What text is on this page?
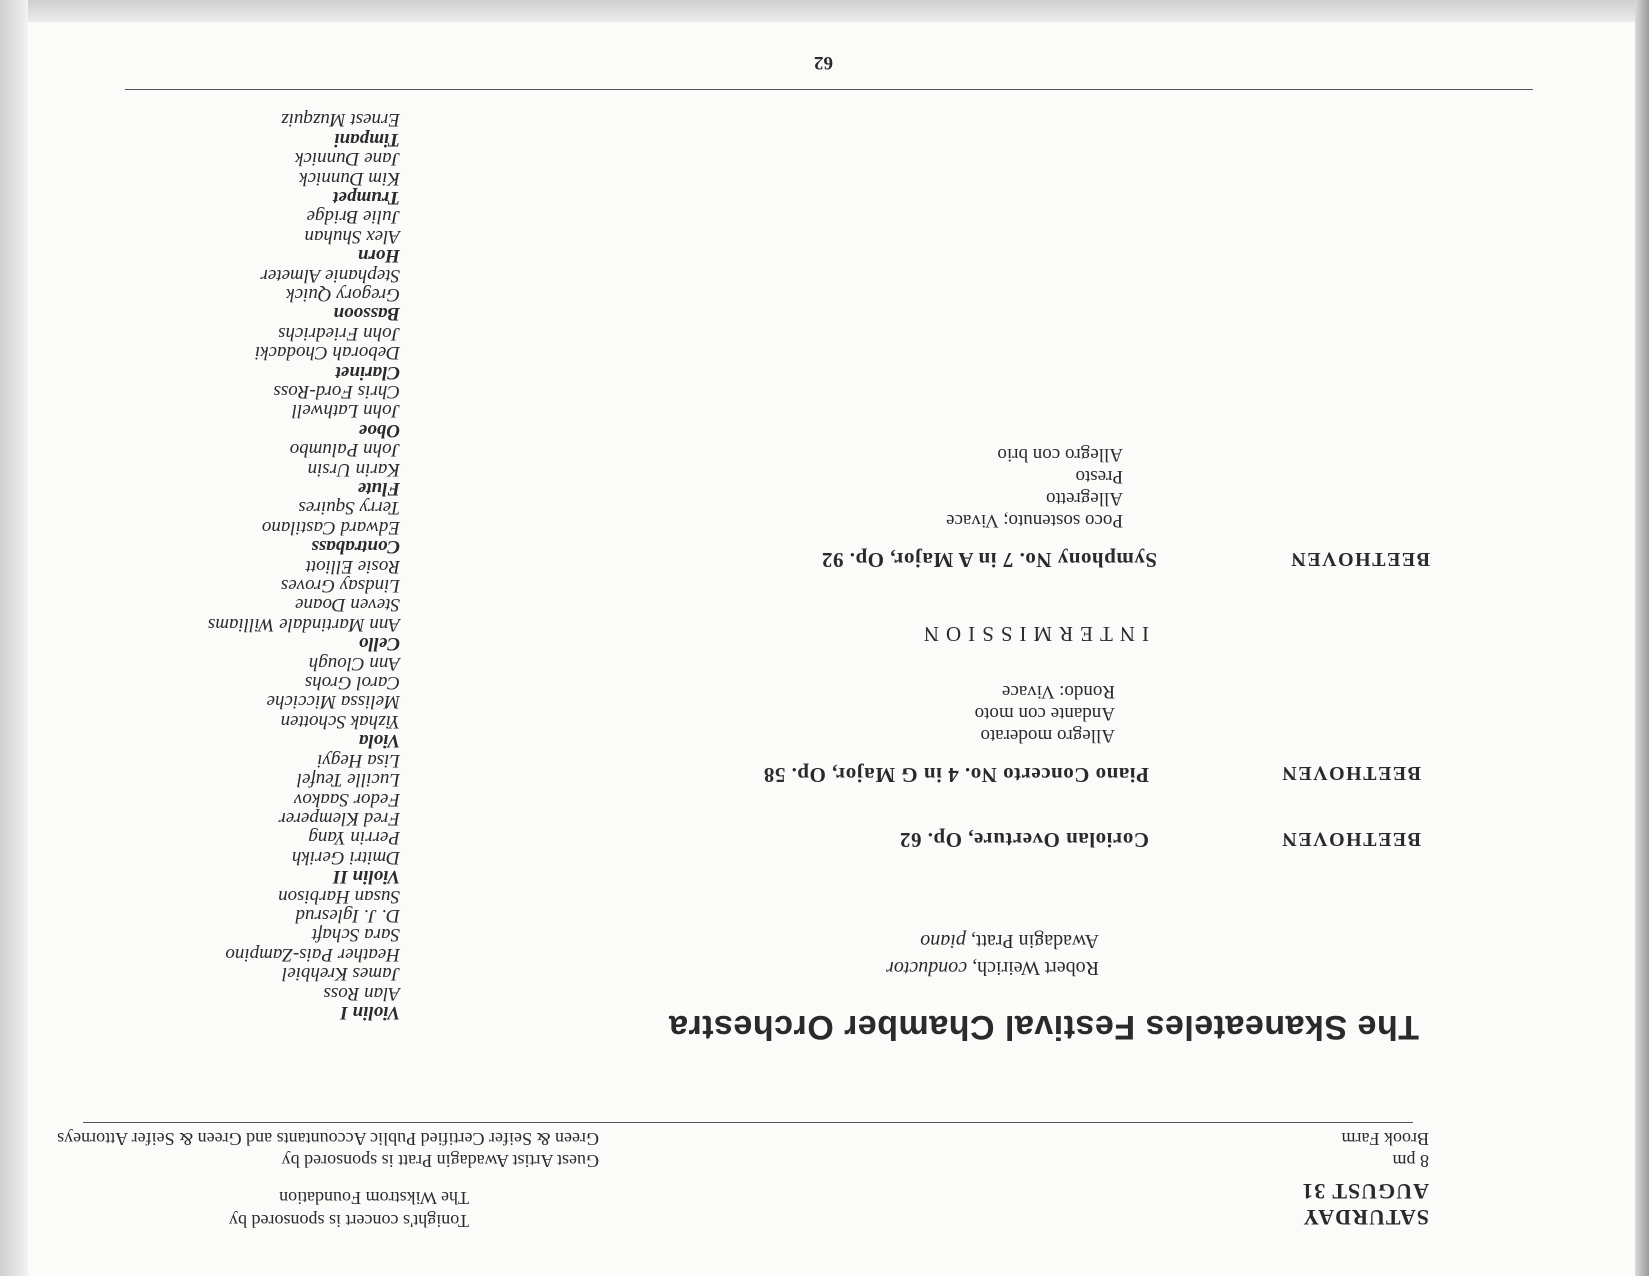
SATURDAY
AUGUST 31
8 pm
Brook Farm
Tonight's concert is sponsored by
The Wikstrom Foundation
Guest Artist Awadagin Pratt is sponsored by
Green & Seifer Certified Public Accountants and Green & Seifer Attorneys
The Skaneateles Festival Chamber Orchestra
Robert Weirich, conductor
Awadagin Pratt, piano
BEETHOVEN
Coriolan Overture, Op. 62
BEETHOVEN
Piano Concerto No. 4 in G Major, Op. 58
Allegro moderato
Andante con moto
Rondo: Vivace
INTERMISSION
BEETHOVEN
Symphony No. 7 in A Major, Op. 92
Poco sostenuto; Vivace
Allegretto
Presto
Allegro con brio
Violin I
Alan Ross
James Krehbiel
Heather Pais-Zampino
Sara Schaft
D. J. Iglesrud
Susan Harbison
Violin II
Dmitri Gerikh
Perrin Yang
Fred Klemperer
Fedor Saakov
Lucille Teufel
Lisa Hegyi
Viola
Yizhak Schotten
Melissa Micciche
Carol Grohs
Ann Clough
Cello
Ann Martindale Williams
Steven Doane
Lindsay Groves
Rosie Elliott
Contrabass
Edward Castilano
Terry Squires
Flute
Karin Ursin
John Palumbo
Oboe
John Lathwell
Chris Ford-Ross
Clarinet
Deborah Chodacki
John Friedrichs
Bassoon
Gregory Quick
Stephanie Almeter
Horn
Alex Shuhan
Julie Bridge
Trumpet
Kim Dunnick
Jane Dunnick
Timpani
Ernest Muzquiz
62
